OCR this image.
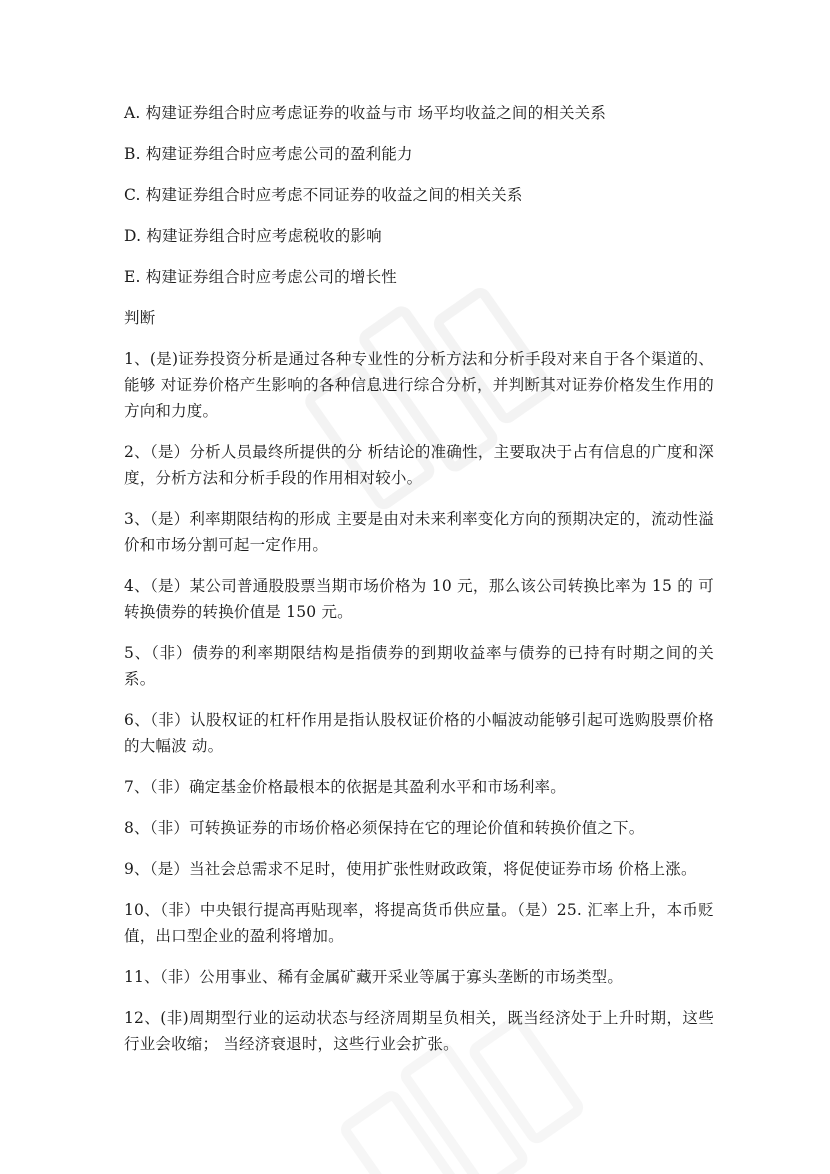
A. 构建证券组合时应考虑证券的收益与市 场平均收益之间的相关关系

B. 构建证券组合时应考虑公司的盈利能力

C. 构建证券组合时应考虑不同证券的收益之间的相关关系

D. 构建证券组合时应考虑税收的影响

E. 构建证券组合时应考虑公司的增长性

判断

1、(是)证券投资分析是通过各种专业性的分析方法和分析手段对来自于各个渠道的、能够 对证券价格产生影响的各种信息进行综合分析，并判断其对证券价格发生作用的方向和力度。

2、（是）分析人员最终所提供的分 析结论的准确性，主要取决于占有信息的广度和深度，分析方法和分析手段的作用相对较小。

3、（是）利率期限结构的形成 主要是由对未来利率变化方向的预期决定的，流动性溢价和市场分割可起一定作用。

4、（是）某公司普通股股票当期市场价格为 10 元，那么该公司转换比率为 15 的 可转换债券的转换价值是 150 元。

5、（非）债券的利率期限结构是指债券的到期收益率与债券的已持有时期之间的关系。

6、（非）认股权证的杠杆作用是指认股权证价格的小幅波动能够引起可选购股票价格的大幅波 动。

7、（非）确定基金价格最根本的依据是其盈利水平和市场利率。

8、（非）可转换证券的市场价格必须保持在它的理论价值和转换价值之下。

9、（是）当社会总需求不足时，使用扩张性财政政策，将促使证券市场 价格上涨。

10、（非）中央银行提高再贴现率，将提高货币供应量。（是）25. 汇率上升，本币贬值，出口型企业的盈利将增加。

11、（非）公用事业、稀有金属矿藏开采业等属于寡头垄断的市场类型。

12、(非)周期型行业的运动状态与经济周期呈负相关，既当经济处于上升时期，这些行业会收缩； 当经济衰退时，这些行业会扩张。
